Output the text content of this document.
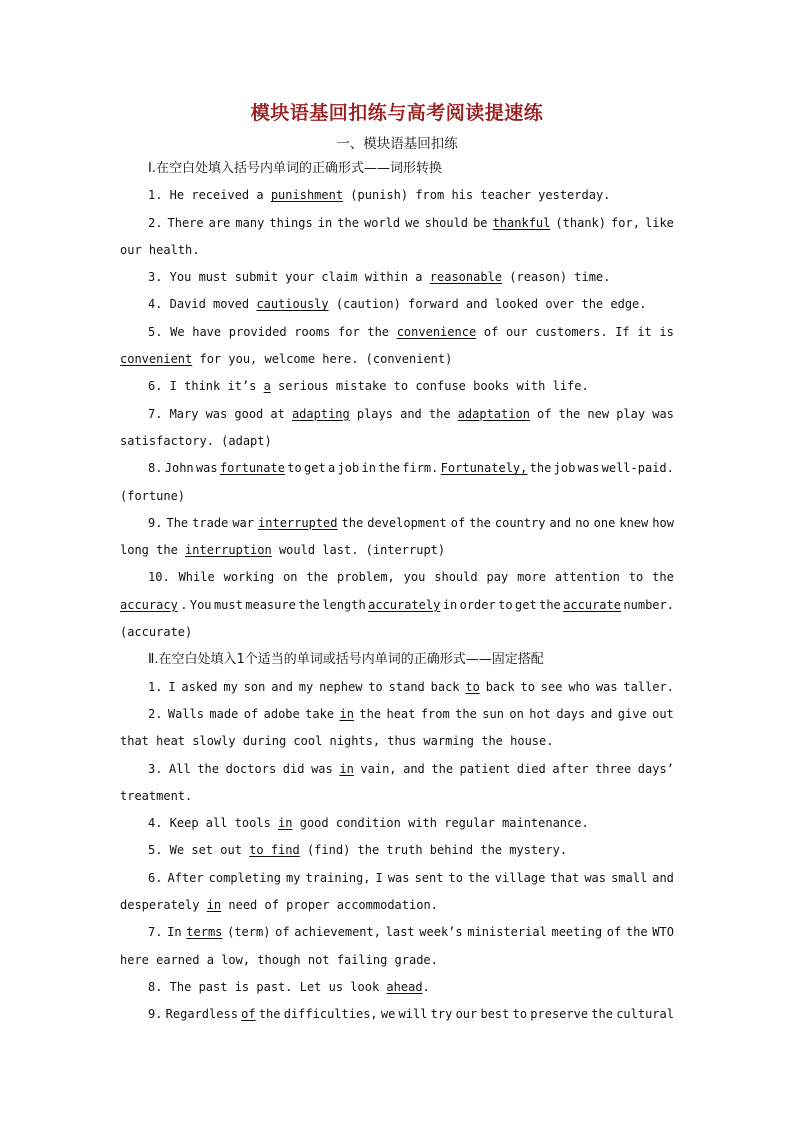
模块语基回扣练与高考阅读提速练
一、模块语基回扣练
Ⅰ.在空白处填入括号内单词的正确形式——词形转换
1. He received a punishment (punish) from his teacher yesterday.
2. There are many things in the world we should be thankful (thank) for, like
our health.
3. You must submit your claim within a reasonable (reason) time.
4. David moved cautiously (caution) forward and looked over the edge.
5. We have provided rooms for the convenience of our customers. If it is
convenient for you, welcome here. (convenient)
6. I think it’s a serious mistake to confuse books with life.
7. Mary was good at adapting plays and the adaptation of the new play was
satisfactory. (adapt)
8. John was fortunate to get a job in the firm. Fortunately, the job was well-paid.
(fortune)
9. The trade war interrupted the development of the country and no one knew how
long the interruption would last. (interrupt)
10. While working on the problem, you should pay more attention to the
accuracy . You must measure the length accurately in order to get the accurate number.
(accurate)
Ⅱ.在空白处填入1个适当的单词或括号内单词的正确形式——固定搭配
1. I asked my son and my nephew to stand back to back to see who was taller.
2. Walls made of adobe take in the heat from the sun on hot days and give out
that heat slowly during cool nights, thus warming the house.
3. All the doctors did was in vain, and the patient died after three days’
treatment.
4. Keep all tools in good condition with regular maintenance.
5. We set out to find (find) the truth behind the mystery.
6. After completing my training, I was sent to the village that was small and
desperately in need of proper accommodation.
7. In terms (term) of achievement, last week’s ministerial meeting of the WTO
here earned a low, though not failing grade.
8. The past is past. Let us look ahead .
9. Regardless of the difficulties, we will try our best to preserve the cultural
